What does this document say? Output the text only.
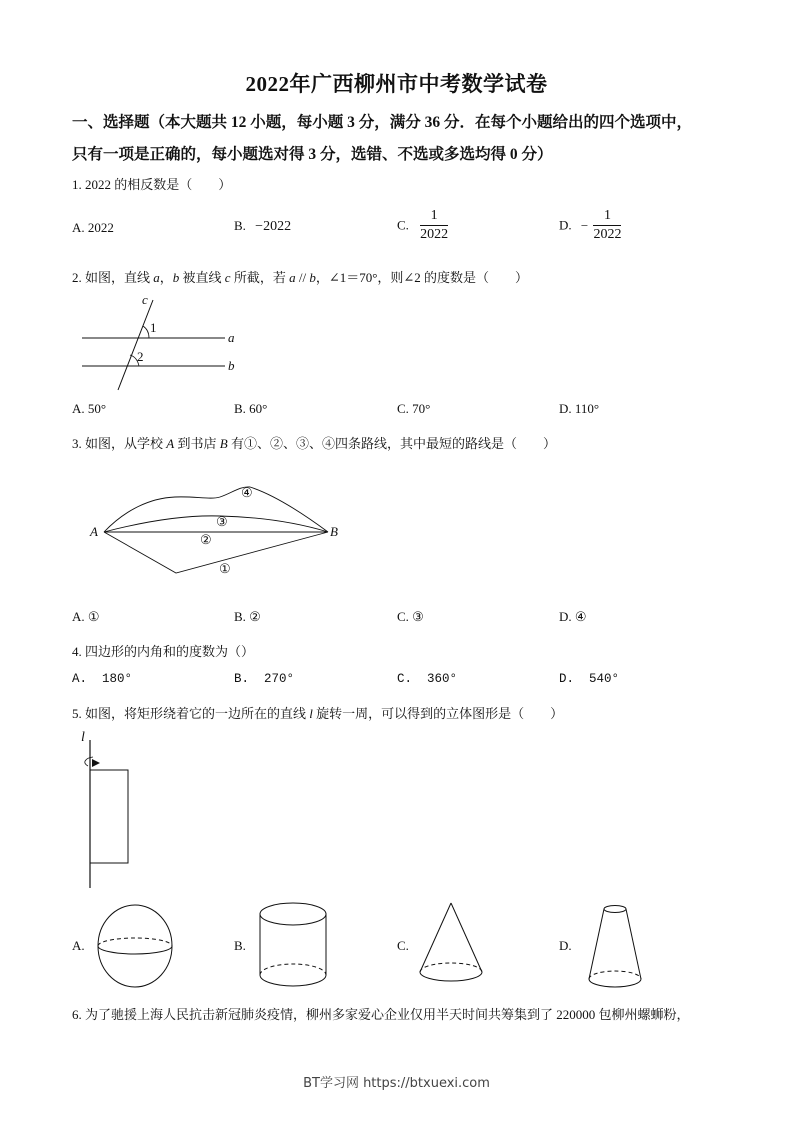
2022年广西柳州市中考数学试卷
一、选择题（本大题共 12 小题，每小题 3 分，满分 36 分．在每个小题给出的四个选项中，
只有一项是正确的，每小题选对得 3 分，选错、不选或多选均得 0 分）
1. 2022 的相反数是（　　）
A. 2022	B. −2022	C. $\frac{1}{2022}$	D. − $\frac{1}{2022}$
2. 如图，直线 a，b 被直线 c 所截，若 a // b，∠1＝70°，则∠2 的度数是（　　）
c
1
a
2
b
A. 50°	B. 60°	C. 70°	D. 110°
3. 如图，从学校 A 到书店 B 有①、②、③、④四条路线，其中最短的路线是（　　）
A	B
①
②
③
④
A. ①	B. ②	C. ③	D. ④
4. 四边形的内角和的度数为（）
A. 180°	B. 270°	C. 360°	D. 540°
5. 如图，将矩形绕着它的一边所在的直线 l 旋转一周，可以得到的立体图形是（　　）
l
A.	B.	C.	D.
6. 为了驰援上海人民抗击新冠肺炎疫情，柳州多家爱心企业仅用半天时间共筹集到了 220000 包柳州螺蛳粉，
BT学习网 https://btxuexi.com
